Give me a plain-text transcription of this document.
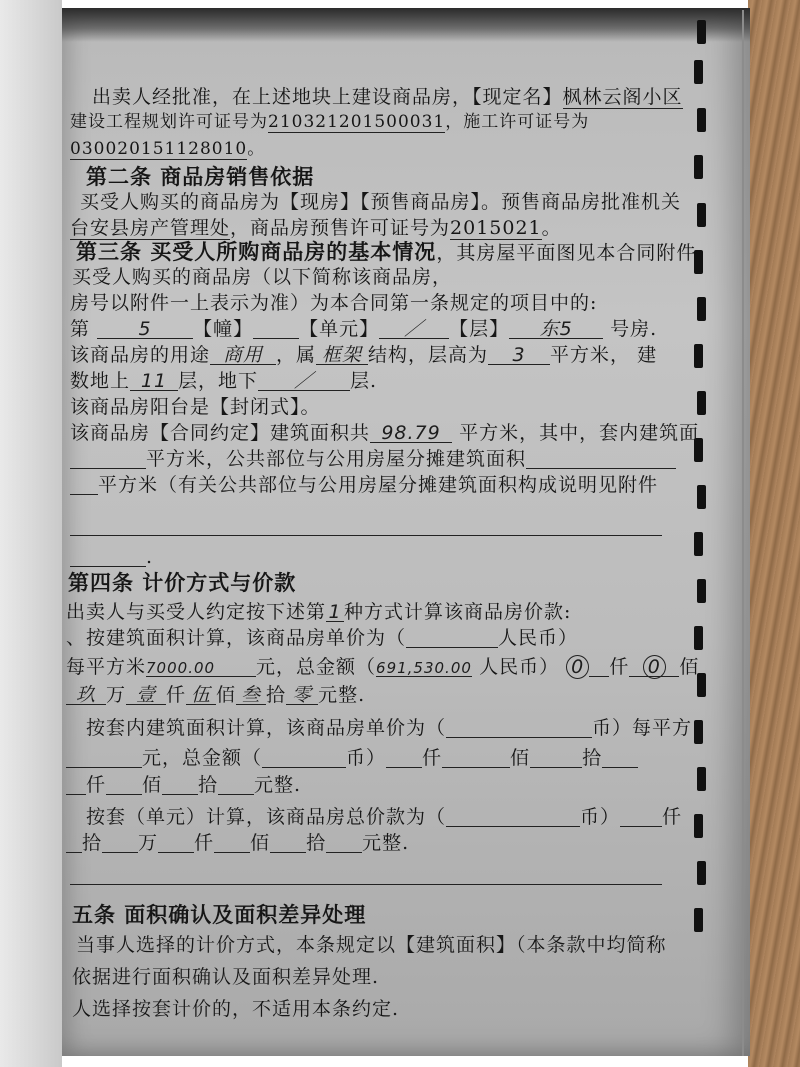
出卖人经批准，在上述地块上建设商品房，【现定名】枫林云阁小区
建设工程规划许可证号为210321201500031，施工许可证号为
030020151128010。
第二条 商品房销售依据
买受人购买的商品房为【现房】【预售商品房】。预售商品房批准机关
台安县房产管理处，商品房预售许可证号为2015021。
第三条 买受人所购商品房的基本情况，其房屋平面图见本合同附件
买受人购买的商品房（以下简称该商品房，
房号以附件一上表示为准）为本合同第一条规定的项目中的:
第	5 【幢】 【单元】 ／ 【层】 东5 号房.
该商品房的用途 商用 ，属 框架 结构，层高为 3 平方米， 建
数地上 11 层，地下 ／ 层.
该商品房阳台是【封闭式】。
该商品房【合同约定】建筑面积共 98.79 平方米，其中，套内建筑面
平方米，公共部位与公用房屋分摊建筑面积
平方米（有关公共部位与公用房屋分摊建筑面积构成说明见附件
.
第四条 计价方式与价款
出卖人与买受人约定按下述第 1 种方式计算该商品房价款:
、按建筑面积计算，该商品房单价为（	人民币）
每平方米7000.00 元，总金额（691,530.00 人民币） 0 仟 0 佰
玖 万 壹 仟 伍 佰 叁 拾 零 元整.
按套内建筑面积计算，该商品房单价为（	币）每平方
元，总金额（	币） 仟	佰	拾
仟 佰 拾 元整.
按套（单元）计算，该商品房总价款为（	币） 仟
拾 万 仟 佰 拾 元整.
五条 面积确认及面积差异处理
当事人选择的计价方式，本条规定以【建筑面积】（本条款中均简称
依据进行面积确认及面积差异处理.
人选择按套计价的，不适用本条约定.
